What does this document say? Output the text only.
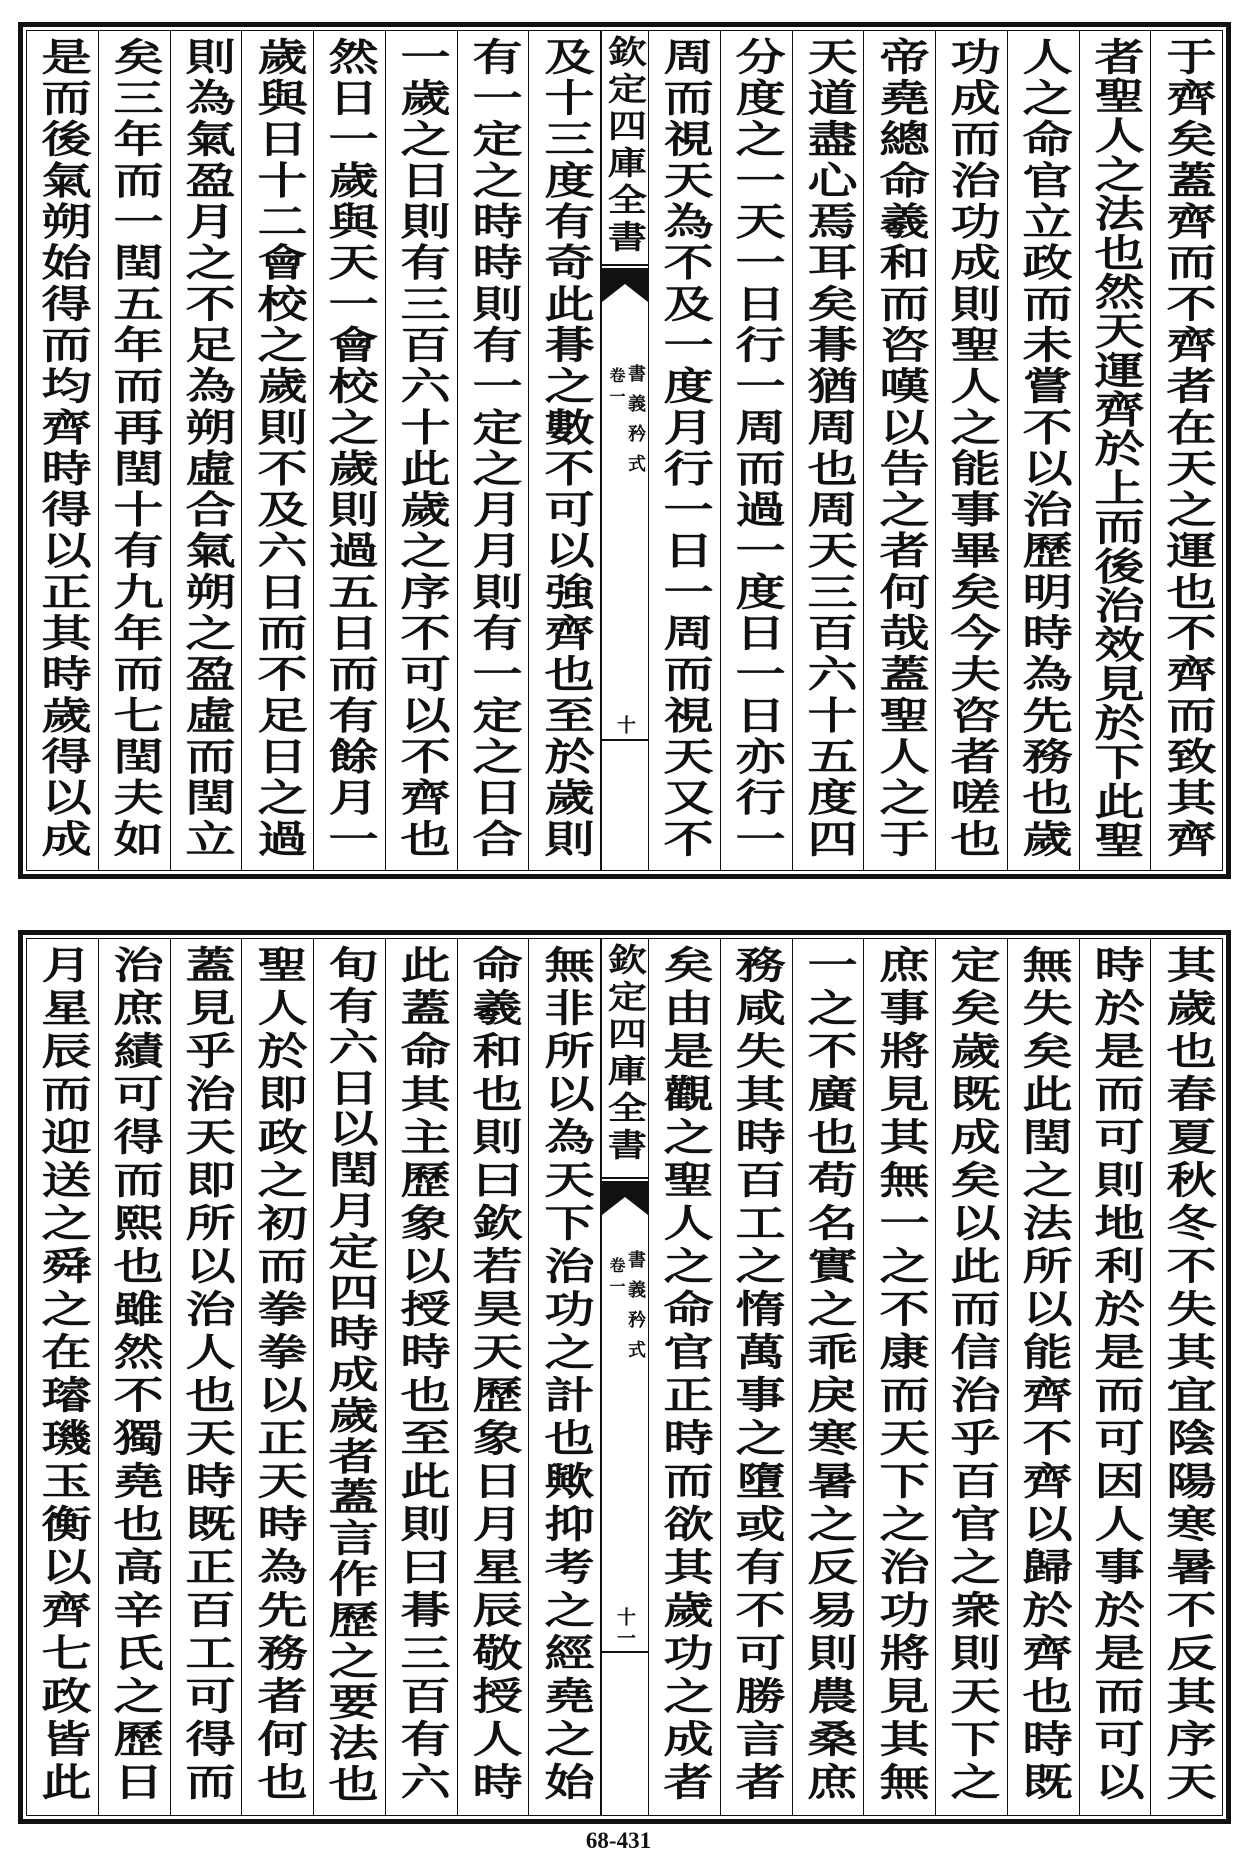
于齊矣蓋齊而不齊者在天之運也不齊而致其齊
者聖人之法也然天運齊於上而後治效見於下此聖
人之命官立政而未嘗不以治歷明時為先務也歲
功成而治功成則聖人之能事畢矣今夫咨者嗟也
帝堯總命羲和而咨嘆以告之者何哉蓋聖人之于
天道盡心焉耳矣朞猶周也周天三百六十五度四
分度之一天一日行一周而過一度日一日亦行一
周而視天為不及一度月行一日一周而視天又不
欽定四庫全書
書義矜式
卷一
十
及十三度有奇此朞之數不可以強齊也至於歲則
有一定之時時則有一定之月月則有一定之日合
一歲之日則有三百六十此歲之序不可以不齊也
然日一歲與天一會校之歲則過五日而有餘月一
歲與日十二會校之歲則不及六日而不足日之過
則為氣盈月之不足為朔虛合氣朔之盈虛而閏立
矣三年而一閏五年而再閏十有九年而七閏夫如
是而後氣朔始得而均齊時得以正其時歲得以成
其歲也春夏秋冬不失其宜陰陽寒暑不反其序天
時於是而可則地利於是而可因人事於是而可以
無失矣此閏之法所以能齊不齊以歸於齊也時既
定矣歲既成矣以此而信治乎百官之衆則天下之
庶事將見其無一之不康而天下之治功將見其無
一之不廣也苟名實之乖戾寒暑之反易則農桑庶
務咸失其時百工之惰萬事之墮或有不可勝言者
矣由是觀之聖人之命官正時而欲其歲功之成者
欽定四庫全書
書義矜式
卷一
十一
無非所以為天下治功之計也歟抑考之經堯之始
命羲和也則曰欽若昊天歷象日月星辰敬授人時
此蓋命其主歷象以授時也至此則曰朞三百有六
旬有六日以閏月定四時成歲者蓋言作歷之要法也
聖人於即政之初而拳拳以正天時為先務者何也
蓋見乎治天即所以治人也天時既正百工可得而
治庶績可得而熙也雖然不獨堯也高辛氏之歷日
月星辰而迎送之舜之在璿璣玉衡以齊七政皆此
68-431
